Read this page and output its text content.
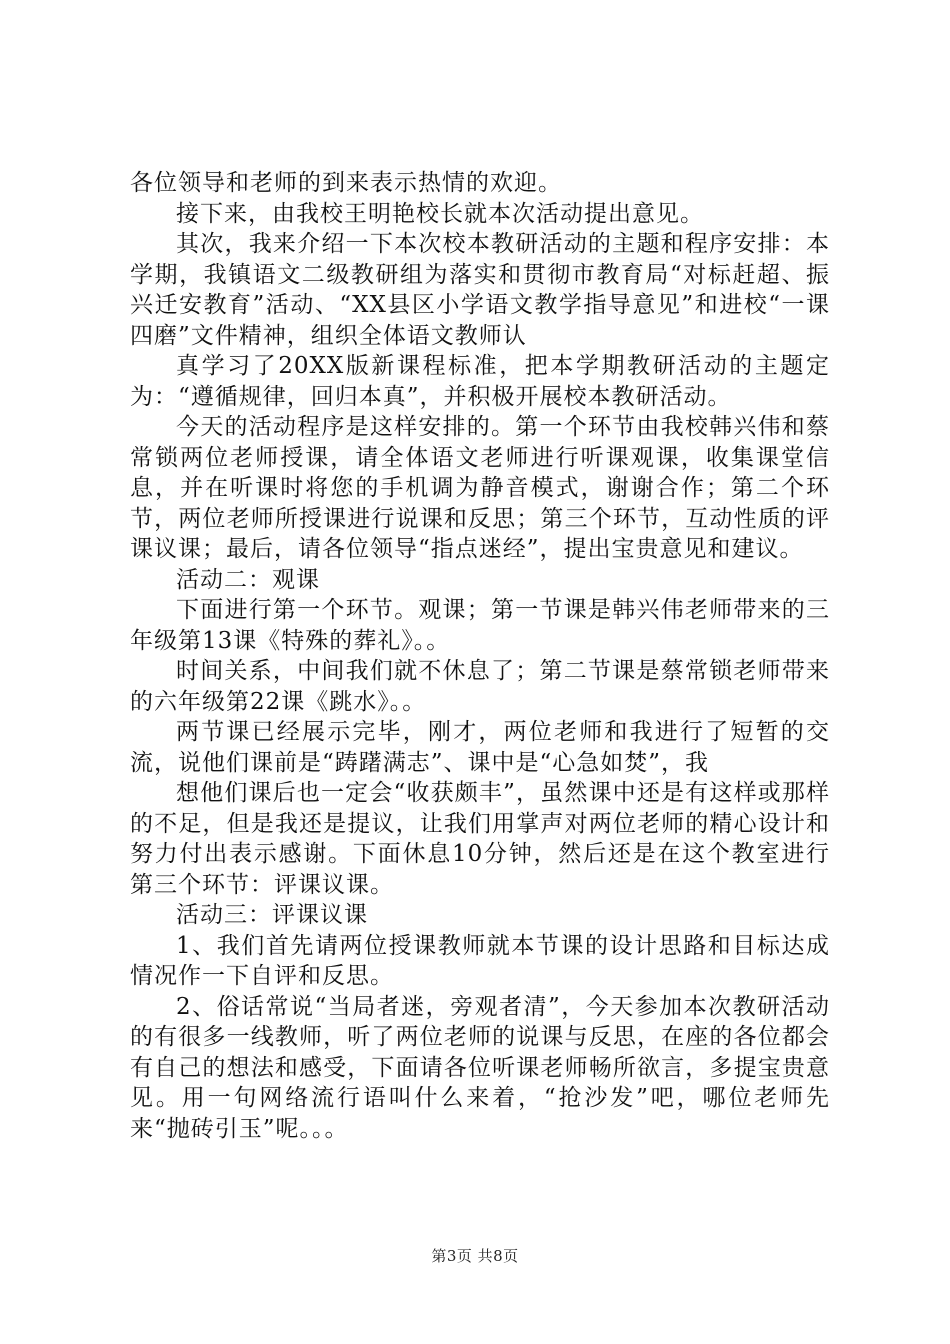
各位领导和老师的到来表示热情的欢迎。

接下来，由我校王明艳校长就本次活动提出意见。

其次，我来介绍一下本次校本教研活动的主题和程序安排：本学期，我镇语文二级教研组为落实和贯彻市教育局“对标赶超、振兴迁安教育”活动、“XX县区小学语文教学指导意见”和进校“一课四磨”文件精神，组织全体语文教师认

真学习了20XX版新课程标准，把本学期教研活动的主题定为：“遵循规律，回归本真”，并积极开展校本教研活动。

今天的活动程序是这样安排的。第一个环节由我校韩兴伟和蔡常锁两位老师授课，请全体语文老师进行听课观课，收集课堂信息，并在听课时将您的手机调为静音模式，谢谢合作；第二个环节，两位老师所授课进行说课和反思；第三个环节，互动性质的评课议课；最后，请各位领导“指点迷经”，提出宝贵意见和建议。

活动二：观课

下面进行第一个环节。观课；第一节课是韩兴伟老师带来的三年级第13课《特殊的葬礼》。。

时间关系，中间我们就不休息了；第二节课是蔡常锁老师带来的六年级第22课《跳水》。。

两节课已经展示完毕，刚才，两位老师和我进行了短暂的交流，说他们课前是“踌躇满志”、课中是“心急如焚”，我

想他们课后也一定会“收获颇丰”，虽然课中还是有这样或那样的不足，但是我还是提议，让我们用掌声对两位老师的精心设计和努力付出表示感谢。下面休息10分钟，然后还是在这个教室进行第三个环节：评课议课。

活动三：评课议课

1、我们首先请两位授课教师就本节课的设计思路和目标达成情况作一下自评和反思。

2、俗话常说“当局者迷，旁观者清”，今天参加本次教研活动的有很多一线教师，听了两位老师的说课与反思，在座的各位都会有自己的想法和感受，下面请各位听课老师畅所欲言，多提宝贵意见。用一句网络流行语叫什么来着，“抢沙发”吧，哪位老师先来“抛砖引玉”呢。。。

第3页 共8页
